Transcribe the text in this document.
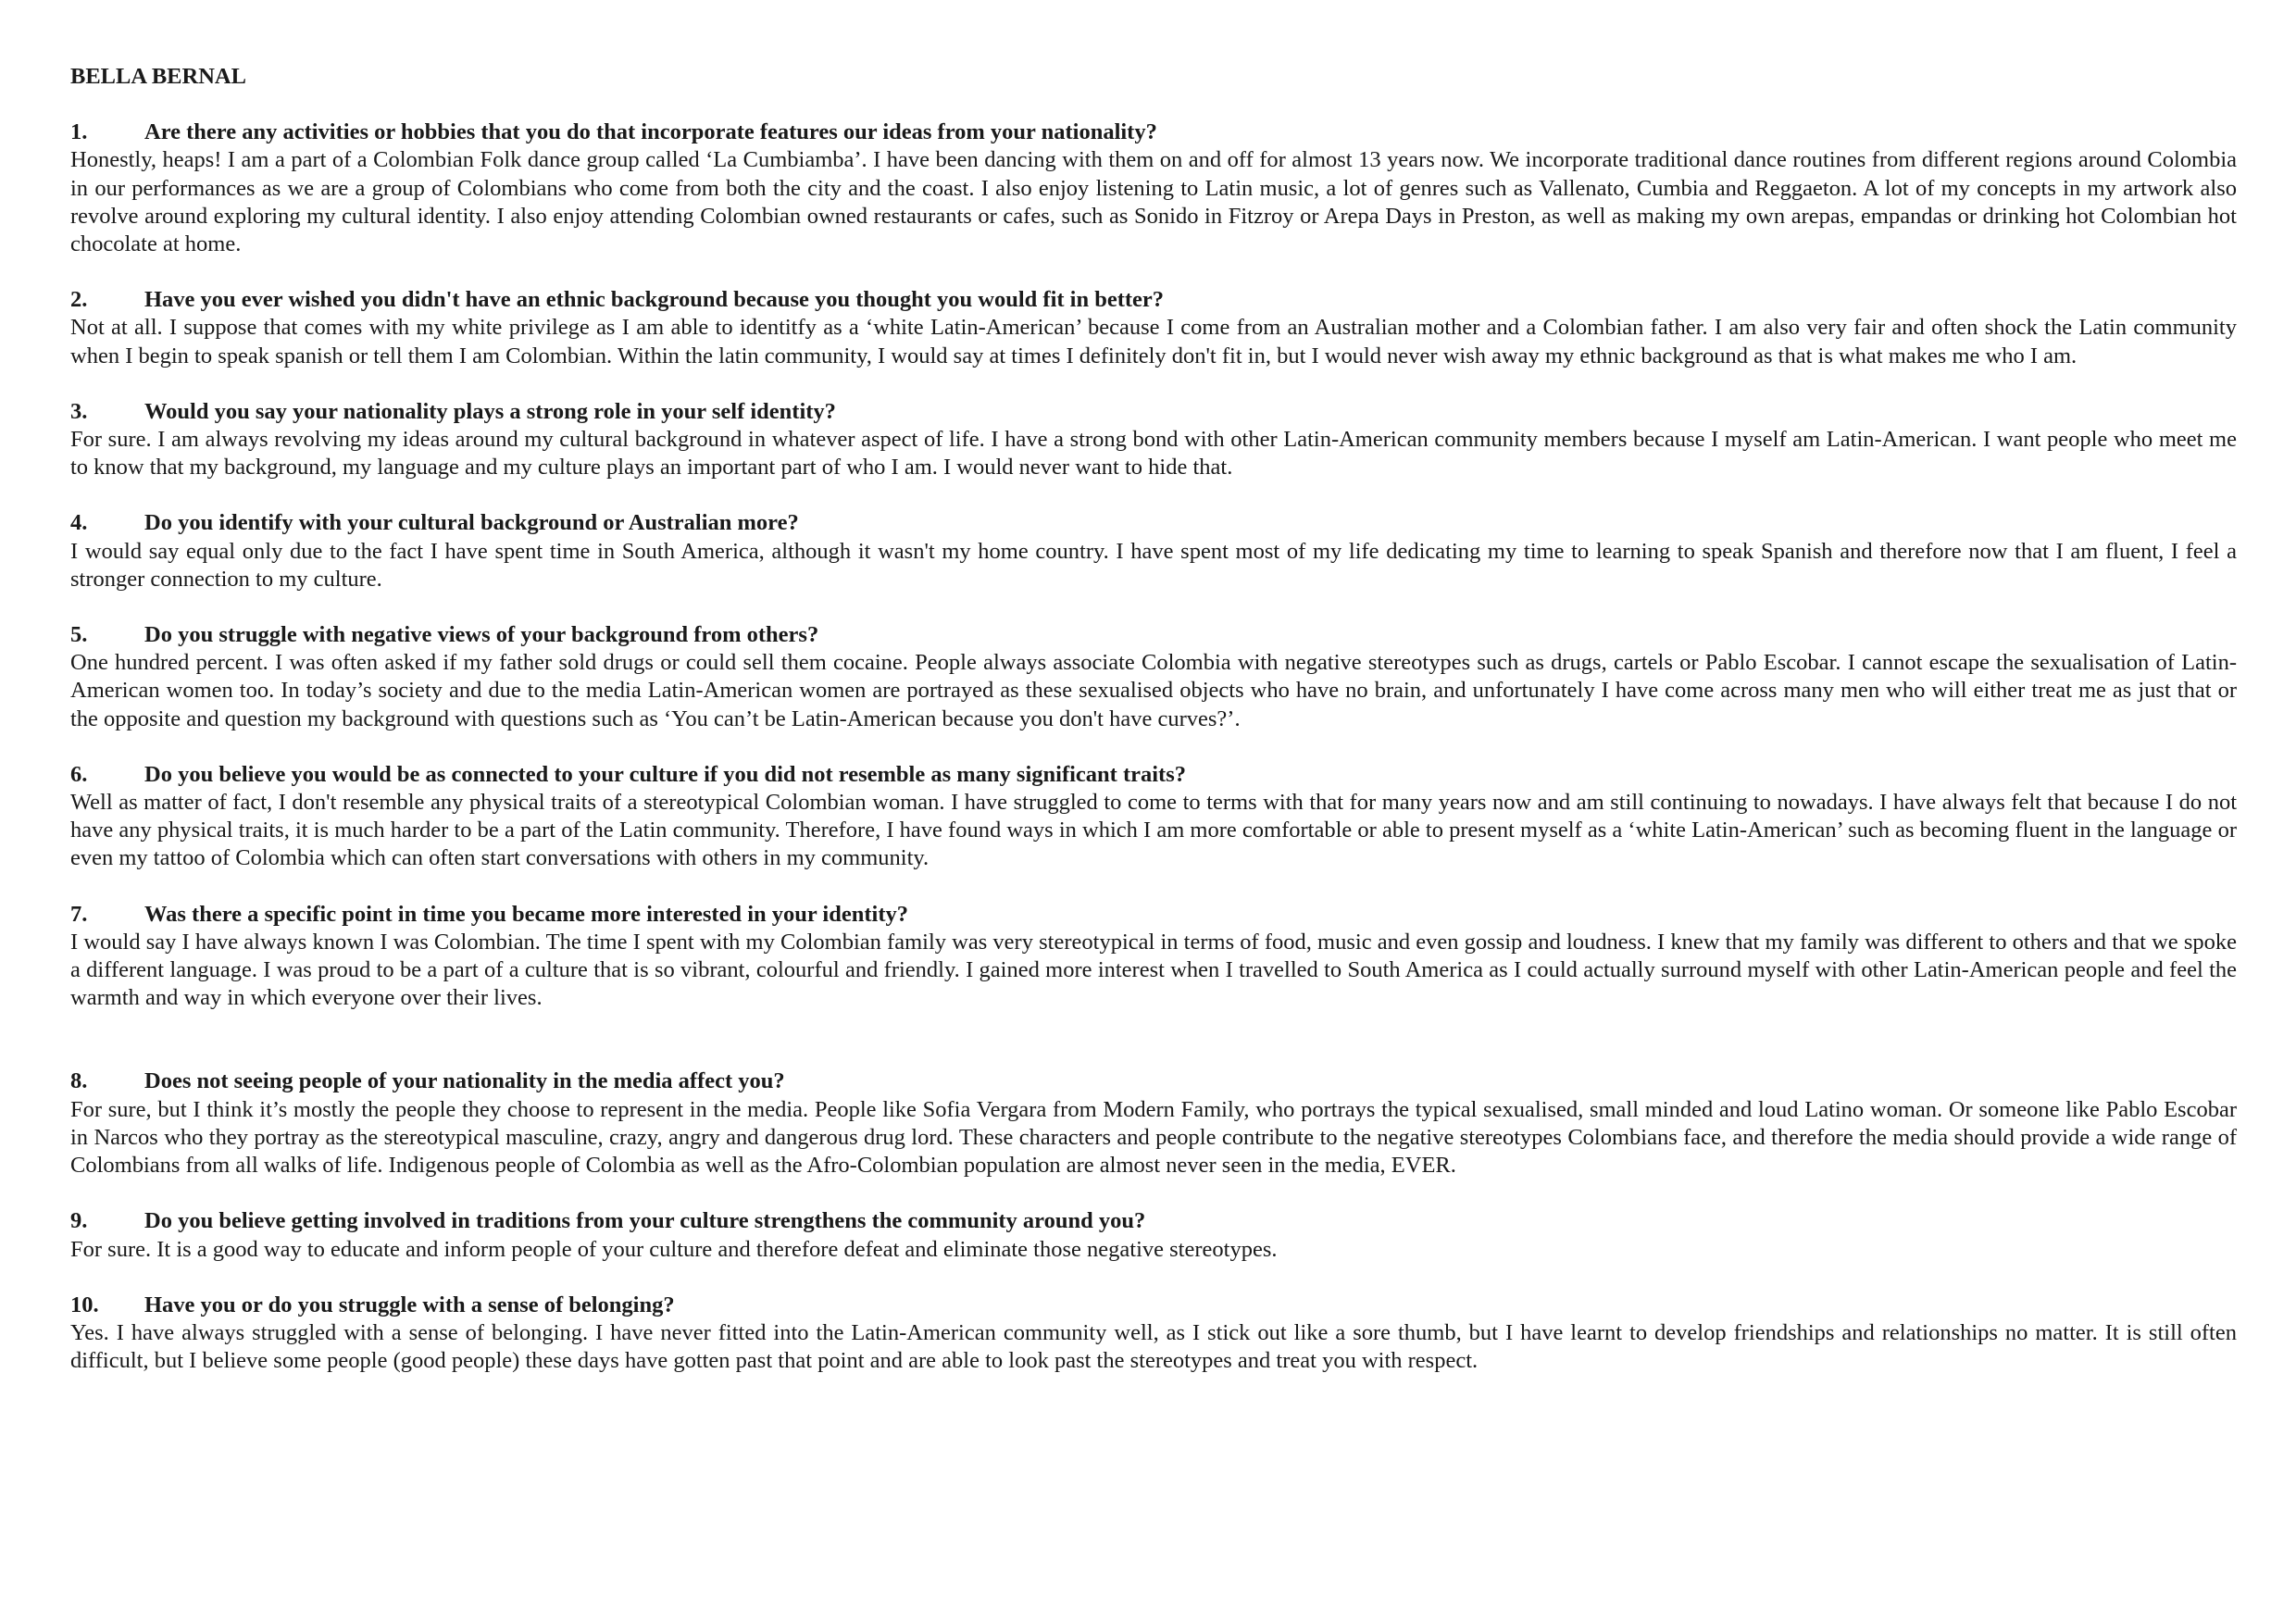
BELLA BERNAL
1.	Are there any activities or hobbies that you do that incorporate features our ideas from your nationality?
Honestly, heaps! I am a part of a Colombian Folk dance group called ‘La Cumbiamba’. I have been dancing with them on and off for almost 13 years now. We incorporate traditional dance routines from different regions around Colombia in our performances as we are a group of Colombians who come from both the city and the coast. I also enjoy listening to Latin music, a lot of genres such as Vallenato, Cumbia and Reggaeton. A lot of my concepts in my artwork also revolve around exploring my cultural identity. I also enjoy attending Colombian owned restaurants or cafes, such as Sonido in Fitzroy or Arepa Days in Preston, as well as making my own arepas, empandas or drinking hot Colombian hot chocolate at home.
2.	Have you ever wished you didn't have an ethnic background because you thought you would fit in better?
Not at all. I suppose that comes with my white privilege as I am able to identitfy as a ‘white Latin-American’ because I come from an Australian mother and a Colombian father. I am also very fair and often shock the Latin community when I begin to speak spanish or tell them I am Colombian. Within the latin community, I would say at times I definitely don't fit in, but I would never wish away my ethnic background as that is what makes me who I am.
3.	Would you say your nationality plays a strong role in your self identity?
For sure. I am always revolving my ideas around my cultural background in whatever aspect of life. I have a strong bond with other Latin-American community members because I myself am Latin-American. I want people who meet me to know that my background, my language and my culture plays an important part of who I am. I would never want to hide that.
4.	Do you identify with your cultural background or Australian more?
I would say equal only due to the fact I have spent time in South America, although it wasn't my home country. I have spent most of my life dedicating my time to learning to speak Spanish and therefore now that I am fluent, I feel a stronger connection to my culture.
5.	Do you struggle with negative views of your background from others?
One hundred percent. I was often asked if my father sold drugs or could sell them cocaine. People always associate Colombia with negative stereotypes such as drugs, cartels or Pablo Escobar. I cannot escape the sexualisation of Latin-American women too. In today’s society and due to the media Latin-American women are portrayed as these sexualised objects who have no brain, and unfortunately I have come across many men who will either treat me as just that or the opposite and question my background with questions such as ‘You can’t be Latin-American because you don't have curves?’.
6.	Do you believe you would be as connected to your culture if you did not resemble as many significant traits?
Well as matter of fact, I don't resemble any physical traits of a stereotypical Colombian woman. I have struggled to come to terms with that for many years now and am still continuing to nowadays. I have always felt that because I do not have any physical traits, it is much harder to be a part of the Latin community. Therefore, I have found ways in which I am more comfortable or able to present myself as a ‘white Latin-American’ such as becoming fluent in the language or even my tattoo of Colombia which can often start conversations with others in my community.
7.	Was there a specific point in time you became more interested in your identity?
I would say I have always known I was Colombian. The time I spent with my Colombian family was very stereotypical in terms of food, music and even gossip and loudness. I knew that my family was different to others and that we spoke a different language. I was proud to be a part of a culture that is so vibrant, colourful and friendly. I gained more interest when I travelled to South America as I could actually surround myself with other Latin-American people and feel the warmth and way in which everyone over their lives.
8.	Does not seeing people of your nationality in the media affect you?
For sure, but I think it’s mostly the people they choose to represent in the media. People like Sofia Vergara from Modern Family, who portrays the typical sexualised, small minded and loud Latino woman. Or someone like Pablo Escobar in Narcos who they portray as the stereotypical masculine, crazy, angry and dangerous drug lord. These characters and people contribute to the negative stereotypes Colombians face, and therefore the media should provide a wide range of Colombians from all walks of life. Indigenous people of Colombia as well as the Afro-Colombian population are almost never seen in the media, EVER.
9.	Do you believe getting involved in traditions from your culture strengthens the community around you?
For sure. It is a good way to educate and inform people of your culture and therefore defeat and eliminate those negative stereotypes.
10.	Have you or do you struggle with a sense of belonging?
Yes. I have always struggled with a sense of belonging. I have never fitted into the Latin-American community well, as I stick out like a sore thumb, but I have learnt to develop friendships and relationships no matter. It is still often difficult, but I believe some people (good people) these days have gotten past that point and are able to look past the stereotypes and treat you with respect.
